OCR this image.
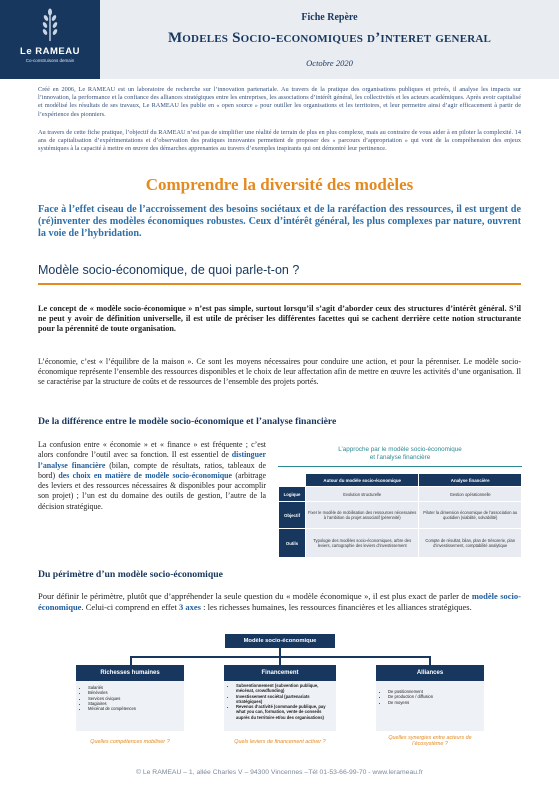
Le RAMEAU
Co-construisons demain
Fiche Repère
Modeles Socio-economiques d’interet general
Octobre 2020

Créé en 2006, Le RAMEAU est un laboratoire de recherche sur l’innovation partenariale. Au travers de la pratique des organisations publiques et privés, il analyse les impacts sur l’innovation, la performance et la confiance des alliances stratégiques entre les entreprises, les associations d’intérêt général, les collectivités et les acteurs académiques. Après avoir capitalisé et modélisé les résultats de ses travaux, Le RAMEAU les publie en « open source » pour outiller les organisations et les territoires, et leur permettre ainsi d’agir efficacement à partir de l’expérience des pionniers.

Au travers de cette fiche pratique, l’objectif du RAMEAU n’est pas de simplifier une réalité de terrain de plus en plus complexe, mais au contraire de vous aider à en piloter la complexité. 14 ans de capitalisation d’expérimentations et d’observation des pratiques innovantes permettent de proposer des « parcours d’appropriation » qui vont de la compréhension des enjeux systémiques à la capacité à mettre en œuvre des démarches apprenantes au travers d’exemples inspirants qui ont démontré leur pertinence.

Comprendre la diversité des modèles

Face à l’effet ciseau de l’accroissement des besoins sociétaux et de la raréfaction des ressources, il est urgent de (ré)inventer des modèles économiques robustes. Ceux d’intérêt général, les plus complexes par nature, ouvrent la voie de l’hybridation.

Modèle socio-économique, de quoi parle-t-on ?

Le concept de « modèle socio-économique » n’est pas simple, surtout lorsqu’il s’agit d’aborder ceux des structures d’intérêt général. S’il ne peut y avoir de définition universelle, il est utile de préciser les différentes facettes qui se cachent derrière cette notion structurante pour la pérennité de toute organisation.

L’économie, c’est « l’équilibre de la maison ». Ce sont les moyens nécessaires pour conduire une action, et pour la pérenniser. Le modèle socio-économique représente l’ensemble des ressources disponibles et le choix de leur affectation afin de mettre en œuvre les activités d’une organisation. Il se caractérise par la structure de coûts et de ressources de l’ensemble des projets portés.

De la différence entre le modèle socio-économique et l’analyse financière

La confusion entre « économie » et « finance » est fréquente ; c’est alors confondre l’outil avec sa fonction. Il est essentiel de distinguer l’analyse financière (bilan, compte de résultats, ratios, tableaux de bord) des choix en matière de modèle socio-économique (arbitrage des leviers et des ressources nécessaires & disponibles pour accomplir son projet) ; l’un est du domaine des outils de gestion, l’autre de la décision stratégique.

L’approche par le modèle socio-économique
et l’analyse financière
	Autour du modèle socio-économique	Analyse financière
Logique	Evolution structurelle	Gestion opérationnelle
Objectif	Fixer le modèle de mobilisation des ressources nécessaires à l’ambition du projet associatif (pérennité)	Piloter la dimension économique de l’association au quotidien (viabilité, solvabilité)
Outils	Typologie des modèles socio-économiques, arbre des leviers, cartographie des leviers d’investissement	Compte de résultat, bilan, plan de trésorerie, plan d’investissement, comptabilité analytique
Du périmètre d’un modèle socio-économique

Pour définir le périmètre, plutôt que d’appréhender la seule question du « modèle économique », il est plus exact de parler de modèle socio-économique. Celui-ci comprend en effet 3 axes : les richesses humaines, les ressources financières et les alliances stratégiques.

Modèle socio-économique
Richesses humaines	Financement	Alliances
• Salariés
• Bénévoles
• Services civiques
• Stagiaires
• Mécénat de compétences
• Subventionnement (subvention publique, mécénat, crowdfunding)
• Investissement sociétal (partenariats stratégiques)
• Revenus d’activité (commande publique, pay what you can, formation, vente de conseils auprès du territoire et/ou des organisations)
• De positionnement
• De production / diffusion
• De moyens
Quelles compétences mobiliser ?	Quels leviers de financement activer ?
Quelles synergies entre acteurs de l’écosystème ?
© Le RAMEAU – 1, allée Charles V – 94300 Vincennes –Tél 01-53-66-99-70 - www.lerameau.fr
